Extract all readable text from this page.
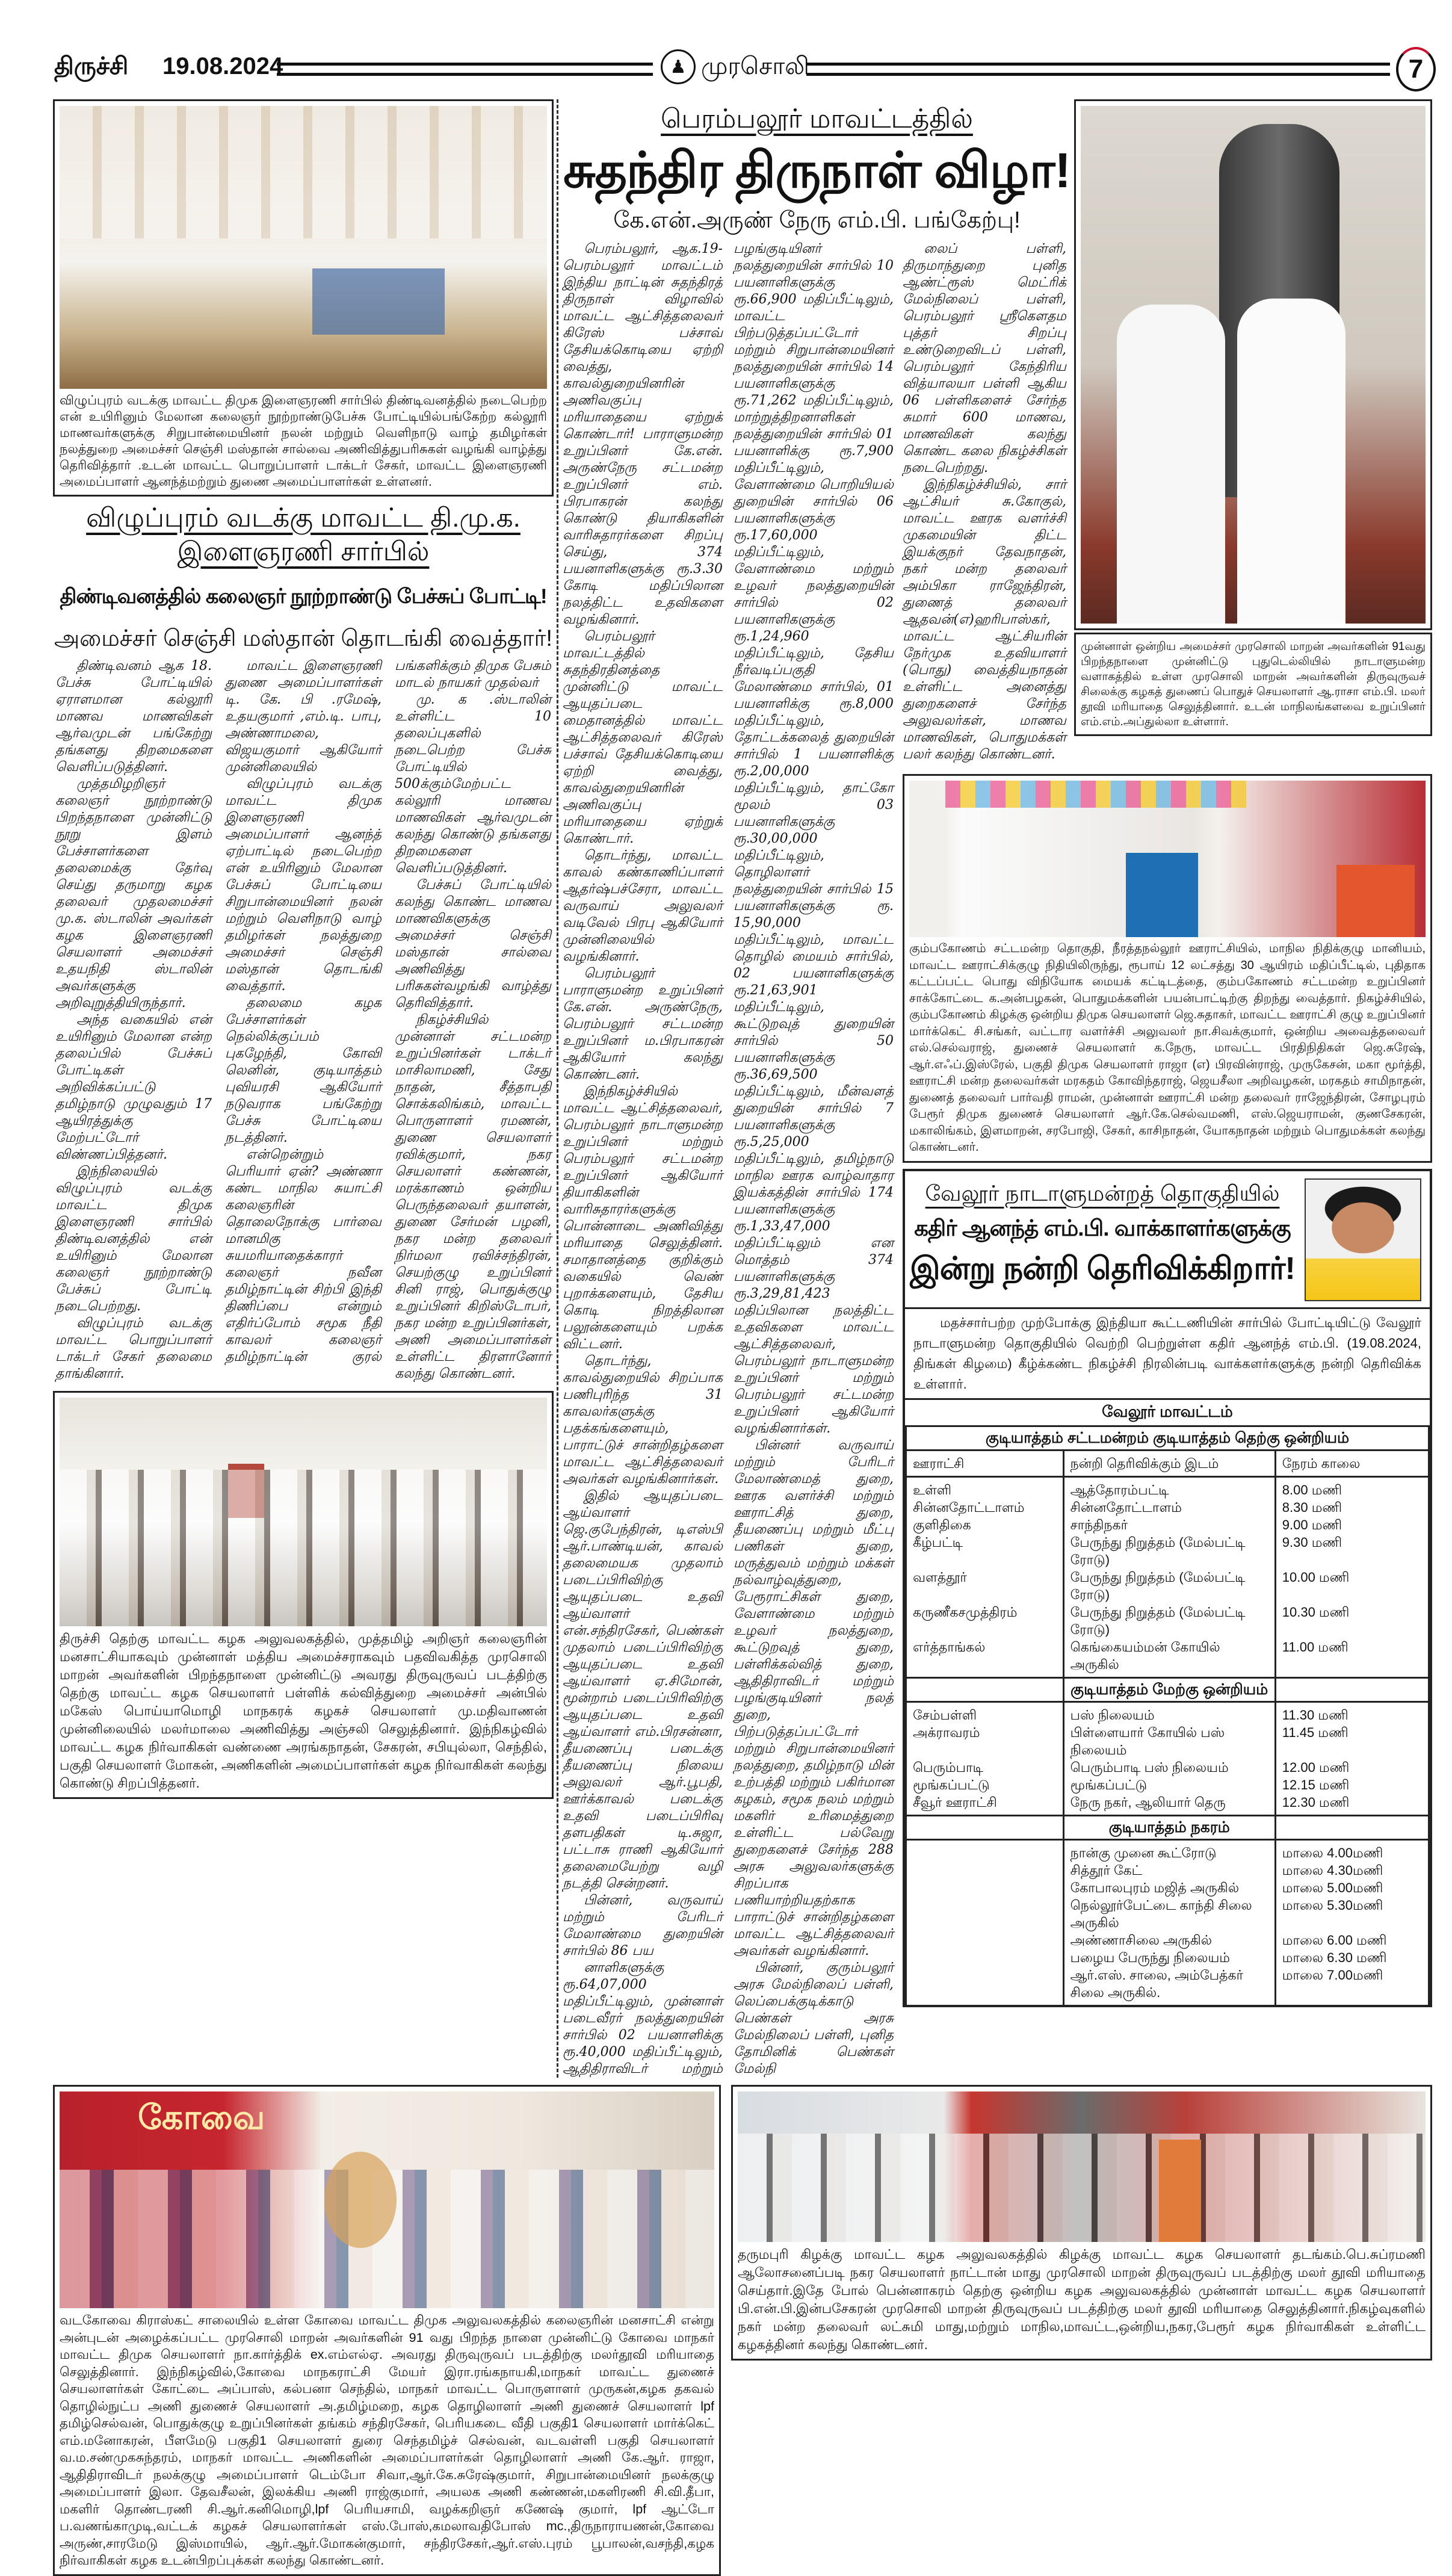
திருச்சி 19.08.2024	♟ முரசொலி	7
விழுப்புரம் வடக்கு மாவட்ட திமுக இளைஞரணி சார்பில் திண்டிவனத்தில் நடைபெற்ற என் உயிரினும் மேலான கலைஞர் நூற்றாண்டுபேச்சு போட்டியில்பங்கேற்ற கல்லூரி மாணவர்களுக்கு சிறுபான்மையினர் நலன் மற்றும் வெளிநாடு வாழ் தமிழர்கள் நலத்துறை அமைச்சர் செஞ்சி மஸ்தான் சால்வை அணிவித்துபரிசுகள் வழங்கி வாழ்த்து தெரிவித்தார் .உடன் மாவட்ட பொறுப்பாளர் டாக்டர் சேகர், மாவட்ட இளைஞரணி அமைப்பாளர் ஆனந்த்மற்றும் துணை அமைப்பாளர்கள் உள்ளனர்.
விழுப்புரம் வடக்கு மாவட்ட தி.மு.க. இளைஞரணி சார்பில்
திண்டிவனத்தில் கலைஞர் நூற்றாண்டு பேச்சுப் போட்டி!
அமைச்சர் செஞ்சி மஸ்தான் தொடங்கி வைத்தார்!

திண்டிவனம் ஆக 18. பேச்சு போட்டியில் ஏராளமான கல்லூரி மாணவ மாணவிகள் ஆர்வமுடன் பங்கேற்று தங்களது திறமைகளை வெளிப்படுத்தினர்.

முத்தமிழறிஞர் கலைஞர் நூற்றாண்டு பிறந்தநாளை முன்னிட்டு நூறு இளம் பேச்சாளர்களை தலைமைக்கு தேர்வு செய்து தருமாறு கழக தலைவர் முதலமைச்சர் மு.க. ஸ்டாலின் அவர்கள் கழக இளைஞரணி செயலாளர் அமைச்சர் உதயநிதி ஸ்டாலின் அவர்களுக்கு அறிவுறுத்தியிருந்தார்.

அந்த வகையில் என் உயிரினும் மேலான என்ற தலைப்பில் பேச்சுப் போட்டிகள் அறிவிக்கப்பட்டு தமிழ்நாடு முழுவதும் 17 ஆயிரத்துக்கு மேற்பட்டோர் விண்ணப்பித்தனர்.

இந்நிலையில் விழுப்புரம் வடக்கு மாவட்ட திமுக இளைஞரணி சார்பில் திண்டிவனத்தில் என் உயிரினும் மேலான கலைஞர் நூற்றாண்டு பேச்சுப் போட்டி நடைபெற்றது.

விழுப்புரம் வடக்கு மாவட்ட பொறுப்பாளர் டாக்டர் சேகர் தலைமை தாங்கினார்.

மாவட்ட இளைஞரணி துணை அமைப்பாளர்கள் டி. கே. பி .ரமேஷ், உதயகுமார் ,எம்.டி. பாபு, அண்ணாமலை, விஜயகுமார் ஆகியோர் முன்னிலையில்

விழுப்புரம் வடக்கு மாவட்ட திமுக இளைஞரணி அமைப்பாளர் ஆனந்த் ஏற்பாட்டில் நடைபெற்ற என் உயிரினும் மேலான பேச்சுப் போட்டியை சிறுபான்மையினர் நலன் மற்றும் வெளிநாடு வாழ் தமிழர்கள் நலத்துறை அமைச்சர் செஞ்சி மஸ்தான் தொடங்கி வைத்தார்.

தலைமை கழக பேச்சாளர்கள் நெல்லிக்குப்பம் புகழேந்தி, கோவி லெனின், குடியாத்தம் புவியரசி ஆகியோர் நடுவராக பங்கேற்று பேச்சு போட்டியை நடத்தினர்.

என்றென்றும் பெரியார் ஏன்? அண்ணா கண்ட மாநில சுயாட்சி கலைஞரின் தொலைநோக்கு பார்வை மானமிகு சுயமரியாதைக்காரர் கலைஞர் நவீன தமிழ்நாட்டின் சிற்பி இந்தி திணிப்பை என்றும் எதிர்ப்போம் சமூக நீதி காவலர் கலைஞர் தமிழ்நாட்டின் குரல் பங்களிக்கும் திமுக பேசும் மாடல் நாயகர் முதல்வர்

மு. க .ஸ்டாலின் உள்ளிட்ட 10 தலைப்புகளில் நடைபெற்ற பேச்சு போட்டியில் 500க்கும்மேற்பட்ட கல்லூரி மாணவ மாணவிகள் ஆர்வமுடன் கலந்து கொண்டு தங்களது திறமைகளை வெளிப்படுத்தினர்.

பேச்சுப் போட்டியில் கலந்து கொண்ட மாணவ மாணவிகளுக்கு அமைச்சர் செஞ்சி மஸ்தான் சால்வை அணிவித்து பரிசுகள்வழங்கி வாழ்த்து தெரிவித்தார்.

நிகழ்ச்சியில் முன்னாள் சட்டமன்ற உறுப்பினர்கள் டாக்டர் மாசிலாமணி, சேது நாதன், சீத்தாபதி சொக்கலிங்கம், மாவட்ட பொருளாளர் ரமணன், துணை செயலாளர் ரவிக்குமார், நகர செயலாளர் கண்ணன், மரக்காணம் ஒன்றிய பெருந்தலைவர் தயாளன், துணை சேர்மன் பழனி, நகர மன்ற தலைவர் நிர்மலா ரவிச்சந்திரன், செயற்குழு உறுப்பினர் சினி ராஜ், பொதுக்குழு உறுப்பினர் கிறிஸ்டோபர், நகர மன்ற உறுப்பினர்கள், அணி அமைப்பாளர்கள் உள்ளிட்ட திரளானோர் கலந்து கொண்டனர்.

திருச்சி தெற்கு மாவட்ட கழக அலுவலகத்தில், முத்தமிழ் அறிஞர் கலைஞரின் மனசாட்சியாகவும் முன்னாள் மத்திய அமைச்சராகவும் பதவிவகித்த முரசொலி மாறன் அவர்களின் பிறந்தநாளை முன்னிட்டு அவரது திருவுருவப் படத்திற்கு தெற்கு மாவட்ட கழக செயலாளர் பள்ளிக் கல்வித்துறை அமைச்சர் அன்பில் மகேஸ் பொய்யாமொழி மாநகரக் கழகச் செயலாளர் மு.மதிவாணன் முன்னிலையில் மலர்மாலை அணிவித்து அஞ்சலி செலுத்தினார். இந்நிகழ்வில் மாவட்ட கழக நிர்வாகிகள் வண்ணை அரங்கநாதன், சேகரன், சபியுல்லா, செந்தில், பகுதி செயலாளர் மோகன், அணிகளின் அமைப்பாளர்கள் கழக நிர்வாகிகள் கலந்து கொண்டு சிறப்பித்தனர்.
கோவை
வடகோவை கிராஸ்கட் சாலையில் உள்ள கோவை மாவட்ட திமுக அலுவலகத்தில் கலைஞரின் மனசாட்சி என்று அன்புடன் அழைக்கப்பட்ட முரசொலி மாறன் அவர்களின் 91 வது பிறந்த நாளை முன்னிட்டு கோவை மாநகர் மாவட்ட திமுக செயலாளர் நா.கார்த்திக் ex.எம்எல்ஏ. அவரது திருவுருவப் படத்திற்கு மலர்தூவி மரியாதை செலுத்தினார். இந்நிகழ்வில்,கோவை மாநகராட்சி மேயர் இரா.ரங்கநாயகி,மாநகர் மாவட்ட துணைச் செயலாளர்கள் கோட்டை அப்பாஸ், கல்பனா செந்தில், மாநகர் மாவட்ட பொருளாளர் முருகன்,கழக தகவல் தொழில்நுட்ப அணி துணைச் செயலாளர் அ.தமிழ்மறை, கழக தொழிலாளர் அணி துணைச் செயலாளர் lpf தமிழ்செல்வன், பொதுக்குழு உறுப்பினர்கள் தங்கம் சந்திரசேகர், பெரியகடை வீதி பகுதி1 செயலாளர் மார்க்கெட் எம்.மனோகரன், பீளமேடு பகுதி1 செயலாளர் துரை செந்தமிழ்ச் செல்வன், வடவள்ளி பகுதி செயலாளர் வ.ம.சண்முகசுந்தரம், மாநகர் மாவட்ட அணிகளின் அமைப்பாளர்கள் தொழிலாளர் அணி கே.ஆர். ராஜா, ஆதிதிராவிடர் நலக்குழு அமைப்பாளர் டெம்போ சிவா,ஆர்.கே.சுரேஷ்குமார், சிறுபான்மையினர் நலக்குழு அமைப்பாளர் இலா. தேவசீலன், இலக்கிய அணி ராஜ்குமார், அயலக அணி கண்ணன்,மகளிரணி சி.வி.தீபா, மகளிர் தொண்டரணி சி.ஆர்.கனிமொழி,lpf பெரியசாமி, வழக்கறிஞர் கணேஷ் குமார், lpf ஆட்டோ ப.வணங்காமுடி,வட்டக் கழகச் செயலாளர்கள் எஸ்.போஸ்,கமலாவதிபோஸ் mc.,திருநாராயணன்,கோவை அருண்,சாரமேடு இஸ்மாயில், ஆர்.ஆர்.மோகன்குமார், சந்திரசேகர்,ஆர்.எஸ்.புரம் பூபாலன்,வசந்தி,கழக நிர்வாகிகள் கழக உடன்பிறப்புக்கள் கலந்து கொண்டனர்.
பெரம்பலூர் மாவட்டத்தில்
சுதந்திர திருநாள் விழா!
கே.என்.அருண் நேரு எம்.பி. பங்கேற்பு!

பெரம்பலூர், ஆக.19- பெரம்பலூர் மாவட்டம் இந்திய நாட்டின் சுதந்திரத் திருநாள் விழாவில் மாவட்ட ஆட்சித்தலைவர் கிரேஸ் பச்சாவ் தேசியக்கொடியை ஏற்றி வைத்து, காவல்துறையினரின் அணிவகுப்பு மரியாதையை ஏற்றுக் கொண்டார்! பாராளுமன்ற உறுப்பினர் கே.என். அருண்நேரு சட்டமன்ற உறுப்பினர் எம். பிரபாகரன் கலந்து கொண்டு தியாகிகளின் வாரிசுதாரர்களை சிறப்பு செய்து, 374 பயனாளிகளுக்கு ரூ.3.30 கோடி மதிப்பிலான நலத்திட்ட உதவிகளை வழங்கினார்.

பெரம்பலூர் மாவட்டத்தில் சுதந்திரதினத்தை முன்னிட்டு மாவட்ட ஆயுதப்படை மைதானத்தில் மாவட்ட ஆட்சித்தலைவர் கிரேஸ் பச்சாவ் தேசியக்கொடியை ஏற்றி வைத்து, காவல்துறையினரின் அணிவகுப்பு மரியாதையை ஏற்றுக் கொண்டார்.

தொடர்ந்து, மாவட்ட காவல் கண்காணிப்பாளர் ஆதர்ஷ்பச்சேரா, மாவட்ட வருவாய் அலுவலர் வடிவேல் பிரபு ஆகியோர் முன்னிலையில் வழங்கினார்.

பெரம்பலூர் பாராளுமன்ற உறுப்பினர் கே.என். அருண்நேரு, பெரம்பலூர் சட்டமன்ற உறுப்பினர் ம.பிரபாகரன் ஆகியோர் கலந்து கொண்டனர்.

இந்நிகழ்ச்சியில் மாவட்ட ஆட்சித்தலைவர், பெரம்பலூர் நாடாளுமன்ற உறுப்பினர் மற்றும் பெரம்பலூர் சட்டமன்ற உறுப்பினர் ஆகியோர் தியாகிகளின் வாரிசுதாரர்களுக்கு பொன்னாடை அணிவித்து மரியாதை செலுத்தினர். சமாதானத்தை குறிக்கும் வகையில் வெண் புறாக்களையும், தேசிய கொடி நிறத்திலான பலூன்களையும் பறக்க விட்டனர்.

தொடர்ந்து, காவல்துறையில் சிறப்பாக பணிபுரிந்த 31 காவலர்களுக்கு பதக்கங்களையும், பாராட்டுச் சான்றிதழ்களை மாவட்ட ஆட்சித்தலைவர் அவர்கள் வழங்கினார்கள்.

இதில் ஆயுதப்படை ஆய்வாளர் ஜெ.குபேந்திரன், டிஎஸ்பி ஆர்.பாண்டியன், காவல் தலைமையக முதலாம் படைப்பிரிவிற்கு ஆயுதப்படை உதவி ஆய்வாளர் என்.சந்திரசேகர், பெண்கள் முதலாம் படைப்பிரிவிற்கு ஆயுதப்படை உதவி ஆய்வாளர் ஏ.சிமோன், மூன்றாம் படைப்பிரிவிற்கு ஆயுதப்படை உதவி ஆய்வாளர் எம்.பிரசன்னா, தீயணைப்பு படைக்கு தீயணைப்பு நிலைய அலுவலர் ஆர்.பூபதி, ஊர்க்காவல் படைக்கு உதவி படைப்பிரிவு தளபதிகள் டி.சுஜா, பட்டாசு ராணி ஆகியோர் தலைமையேற்று வழி நடத்தி சென்றனர்.

பின்னர், வருவாய் மற்றும் பேரிடர் மேலாண்மை துறையின் சார்பில் 86 பய

னாளிகளுக்கு ரூ.64,07,000 மதிப்பீட்டிலும், முன்னாள் படைவீரர் நலத்துறையின் சார்பில் 02 பயனாளிக்கு ரூ.40,000 மதிப்பீட்டிலும், ஆதிதிராவிடர் மற்றும் பழங்குடியினர் நலத்துறையின் சார்பில் 10 பயனாளிகளுக்கு ரூ.66,900 மதிப்பீட்டிலும், மாவட்ட பிற்படுத்தப்பட்டோர் மற்றும் சிறுபான்மையினர் நலத்துறையின் சார்பில் 14 பயனாளிகளுக்கு ரூ.71,262 மதிப்பீட்டிலும், மாற்றுத்திறனாளிகள் நலத்துறையின் சார்பில் 01 பயனாளிக்கு ரூ.7,900 மதிப்பீட்டிலும், வேளாண்மை பொறியியல் துறையின் சார்பில் 06 பயனாளிகளுக்கு ரூ.17,60,000 மதிப்பீட்டிலும், வேளாண்மை மற்றும் உழவர் நலத்துறையின் சார்பில் 02 பயனாளிகளுக்கு ரூ.1,24,960 மதிப்பீட்டிலும், தேசிய நீர்வடிப்பகுதி மேலாண்மை சார்பில், 01 பயனாளிக்கு ரூ.8,000 மதிப்பீட்டிலும், தோட்டக்கலைத் துறையின் சார்பில் 1 பயனாளிக்கு ரூ.2,00,000 மதிப்பீட்டிலும், தாட்கோ மூலம் 03 பயனாளிகளுக்கு ரூ.30,00,000 மதிப்பீட்டிலும், தொழிலாளர் நலத்துறையின் சார்பில் 15 பயனாளிகளுக்கு ரூ. 15,90,000 மதிப்பீட்டிலும், மாவட்ட தொழில் மையம் சார்பில், 02 பயனாளிகளுக்கு ரூ.21,63,901 மதிப்பீட்டிலும், கூட்டுறவுத் துறையின் சார்பில் 50 பயனாளிகளுக்கு ரூ.36,69,500 மதிப்பீட்டிலும், மீன்வளத் துறையின் சார்பில் 7 பயனாளிகளுக்கு ரூ.5,25,000 மதிப்பீட்டிலும், தமிழ்நாடு மாநில ஊரக வாழ்வாதார இயக்கத்தின் சார்பில் 174 பயனாளிகளுக்கு ரூ.1,33,47,000 மதிப்பீட்டிலும் என மொத்தம் 374 பயனாளிகளுக்கு ரூ.3,29,81,423 மதிப்பிலான நலத்திட்ட உதவிகளை மாவட்ட ஆட்சித்தலைவர், பெரம்பலூர் நாடாளுமன்ற உறுப்பினர் மற்றும் பெரம்பலூர் சட்டமன்ற உறுப்பினர் ஆகியோர் வழங்கினார்கள்.

பின்னர் வருவாய் மற்றும் பேரிடர் மேலாண்மைத் துறை, ஊரக வளர்ச்சி மற்றும் ஊராட்சித் துறை, தீயணைப்பு மற்றும் மீட்பு பணிகள் துறை, மருத்துவம் மற்றும் மக்கள் நல்வாழ்வுத்துறை, பேரூராட்சிகள் துறை, வேளாண்மை மற்றும் உழவர் நலத்துறை, கூட்டுறவுத் துறை, பள்ளிக்கல்வித் துறை, ஆதிதிராவிடர் மற்றும் பழங்குடியினர் நலத் துறை, பிற்படுத்தப்பட்டோர் மற்றும் சிறுபான்மையினர் நலத்துறை, தமிழ்நாடு மின் உற்பத்தி மற்றும் பகிர்மான கழகம், சமூக நலம் மற்றும் மகளிர் உரிமைத்துறை உள்ளிட்ட பல்வேறு துறைகளைச் சேர்ந்த 288 அரசு அலுவலர்களுக்கு சிறப்பாக பணியாற்றியதற்காக பாராட்டுச் சான்றிதழ்களை மாவட்ட ஆட்சித்தலைவர் அவர்கள் வழங்கினார்.

பின்னர், குரும்பலூர் அரசு மேல்நிலைப் பள்ளி, லெப்பைக்குடிக்காடு பெண்கள் அரசு மேல்நிலைப் பள்ளி, புனித தோமினிக் பெண்கள் மேல்நி

லைப் பள்ளி, திருமாந்துறை புனித ஆண்ட்ரூஸ் மெட்ரிக் மேல்நிலைப் பள்ளி, பெரம்பலூர் ஸ்ரீகௌதம புத்தர் சிறப்பு உண்டுறைவிடப் பள்ளி, பெரம்பலூர் கேந்திரிய வித்யாலயா பள்ளி ஆகிய 06 பள்ளிகளைச் சேர்ந்த சுமார் 600 மாணவ, மாணவிகள் கலந்து கொண்ட கலை நிகழ்ச்சிகள் நடைபெற்றது.

இந்நிகழ்ச்சியில், சார் ஆட்சியர் சு.கோகுல், மாவட்ட ஊரக வளர்ச்சி முகமையின் திட்ட இயக்குநர் தேவநாதன், நகர் மன்ற தலைவர் அம்பிகா ராஜேந்திரன், துணைத் தலைவர் ஆதவன்(எ)ஹரிபாஸ்கர், மாவட்ட ஆட்சியரின் நேர்முக உதவியாளர் (பொது) வைத்தியநாதன் உள்ளிட்ட அனைத்து துறைகளைச் சேர்ந்த அலுவலர்கள், மாணவ மாணவிகள், பொதுமக்கள் பலர் கலந்து கொண்டனர்.

முன்னாள் ஒன்றிய அமைச்சர் முரசொலி மாறன் அவர்களின் 91வது பிறந்தநாளை முன்னிட்டு புதுடெல்லியில் நாடாளுமன்ற வளாகத்தில் உள்ள முரசொலி மாறன் அவர்களின் திருவுருவச் சிலைக்கு கழகத் துணைப் பொதுச் செயலாளர் ஆ.ராசா எம்.பி. மலர் தூவி மரியாதை செலுத்தினார். உடன் மாநிலங்களவை உறுப்பினர் எம்.எம்.அப்துல்லா உள்ளார்.
கும்பகோணம் சட்டமன்ற தொகுதி, நீரத்தநல்லூர் ஊராட்சியில், மாநில நிதிக்குழு மானியம், மாவட்ட ஊராட்சிக்குழு நிதியிலிருந்து, ரூபாய் 12 லட்சத்து 30 ஆயிரம் மதிப்பீட்டில், புதிதாக கட்டப்பட்ட பொது விநியோக மையக் கட்டிடத்தை, கும்பகோணம் சட்டமன்ற உறுப்பினர் சாக்கோட்டை க.அன்பழகன், பொதுமக்களின் பயன்பாட்டிற்கு திறந்து வைத்தார். நிகழ்ச்சியில், கும்பகோணம் கிழக்கு ஒன்றிய திமுக செயலாளர் ஜெ.சுதாகர், மாவட்ட ஊராட்சி குழு உறுப்பினர் மார்க்கெட் சி.சங்கர், வட்டார வளர்ச்சி அலுவலர் நா.சிவக்குமார், ஒன்றிய அவைத்தலைவர் எல்.செல்வராஜ், துணைச் செயலாளர் க.நேரு, மாவட்ட பிரதிநிதிகள் ஜெ.சுரேஷ், ஆர்.எஃப்.இஸ்ரேல், பகுதி திமுக செயலாளர் ராஜா (எ) பிரவின்ராஜ், முருகேசன், மகா மூர்த்தி, ஊராட்சி மன்ற தலைவர்கள் மரகதம் கோவிந்தராஜ், ஜெயசீலா அறிவழகன், மரகதம் சாமிநாதன், துணைத் தலைவர் பார்வதி ராமன், முன்னாள் ஊராட்சி மன்ற தலைவர் ராஜேந்திரன், சோழபுரம் பேரூர் திமுக துணைச் செயலாளர் ஆர்.கே.செல்வமணி, எஸ்.ஜெயராமன், குணசேகரன், மகாலிங்கம், இளமாறன், சரபோஜி, சேகர், காசிநாதன், யோகநாதன் மற்றும் பொதுமக்கள் கலந்து கொண்டனர்.
வேலூர் நாடாளுமன்றத் தொகுதியில்
கதிர் ஆனந்த் எம்.பி. வாக்காளர்களுக்கு
இன்று நன்றி தெரிவிக்கிறார்!
மதச்சார்பற்ற முற்போக்கு இந்தியா கூட்டணியின் சார்பில் போட்டியிட்டு வேலூர் நாடாளுமன்ற தொகுதியில் வெற்றி பெற்றுள்ள கதிர் ஆனந்த் எம்.பி. (19.08.2024, திங்கள் கிழமை) கீழ்க்கண்ட நிகழ்ச்சி நிரலின்படி வாக்களர்களுக்கு நன்றி தெரிவிக்க உள்ளார்.
வேலூர் மாவட்டம்
குடியாத்தம் சட்டமன்றம் குடியாத்தம் தெற்கு ஒன்றியம்		
ஊராட்சி	நன்றி தெரிவிக்கும் இடம்	நேரம் காலை
உள்ளி	ஆத்தோரம்பட்டி	8.00 மணி
சின்னதோட்டாளம்	சின்னதோட்டாளம்	8.30 மணி
குளிதிகை	சாந்திநகர்	9.00 மணி
கீழ்பட்டி	பேருந்து நிறுத்தம் (மேல்பட்டி ரோடு)	9.30 மணி
வளத்தூர்	பேருந்து நிறுத்தம் (மேல்பட்டி ரோடு)	10.00 மணி
கருணீகசமுத்திரம்	பேருந்து நிறுத்தம் (மேல்பட்டி ரோடு)	10.30 மணி
எர்த்தாங்கல்	கெங்கையம்மன் கோயில் அருகில்	11.00 மணி
	குடியாத்தம் மேற்கு ஒன்றியம்	
சேம்பள்ளி	பஸ் நிலையம்	11.30 மணி
அக்ராவரம்	பிள்ளையார் கோயில் பஸ் நிலையம்	11.45 மணி
பெரும்பாடி	பெரும்பாடி பஸ் நிலையம்	12.00 மணி
மூங்கப்பட்டு	மூங்கப்பட்டு	12.15 மணி
சீவூர் ஊராட்சி	நேரு நகர், ஆலியார் தெரு	12.30 மணி
	குடியாத்தம் நகரம்	
	நான்கு முனை கூட்ரோடு	மாலை 4.00மணி
	சித்தூர் கேட்	மாலை 4.30மணி
	கோபாலபுரம் மஜித் அருகில்	மாலை 5.00மணி
	நெல்லூர்பேட்டை காந்தி சிலை அருகில்	மாலை 5.30மணி
	அண்ணாசிலை அருகில்	மாலை 6.00 மணி
	பழைய பேருந்து நிலையம்	மாலை 6.30 மணி
	ஆர்.எஸ். சாலை, அம்பேத்கர் சிலை அருகில்.	மாலை 7.00மணி
தருமபுரி கிழக்கு மாவட்ட கழக அலுவலகத்தில் கிழக்கு மாவட்ட கழக செயலாளர் தடங்கம்.பெ.சுப்ரமணி ஆலோசனைப்படி நகர செயலாளர் நாட்டான் மாது முரசொலி மாறன் திருவுருவப் படத்திற்கு மலர் தூவி மரியாதை செய்தார்.இதே போல் பென்னாகரம் தெற்கு ஒன்றிய கழக அலுவலகத்தில் முன்னாள் மாவட்ட கழக செயலாளர் பி.என்.பி.இன்பசேகரன் முரசொலி மாறன் திருவுருவப் படத்திற்கு மலர் தூவி மரியாதை செலுத்தினார்.நிகழ்வுகளில் நகர் மன்ற தலைவர் லட்சுமி மாது,மற்றும் மாநில,மாவட்ட,ஒன்றிய,நகர,பேரூர் கழக நிர்வாகிகள் உள்ளிட்ட கழகத்தினர் கலந்து கொண்டனர்.
